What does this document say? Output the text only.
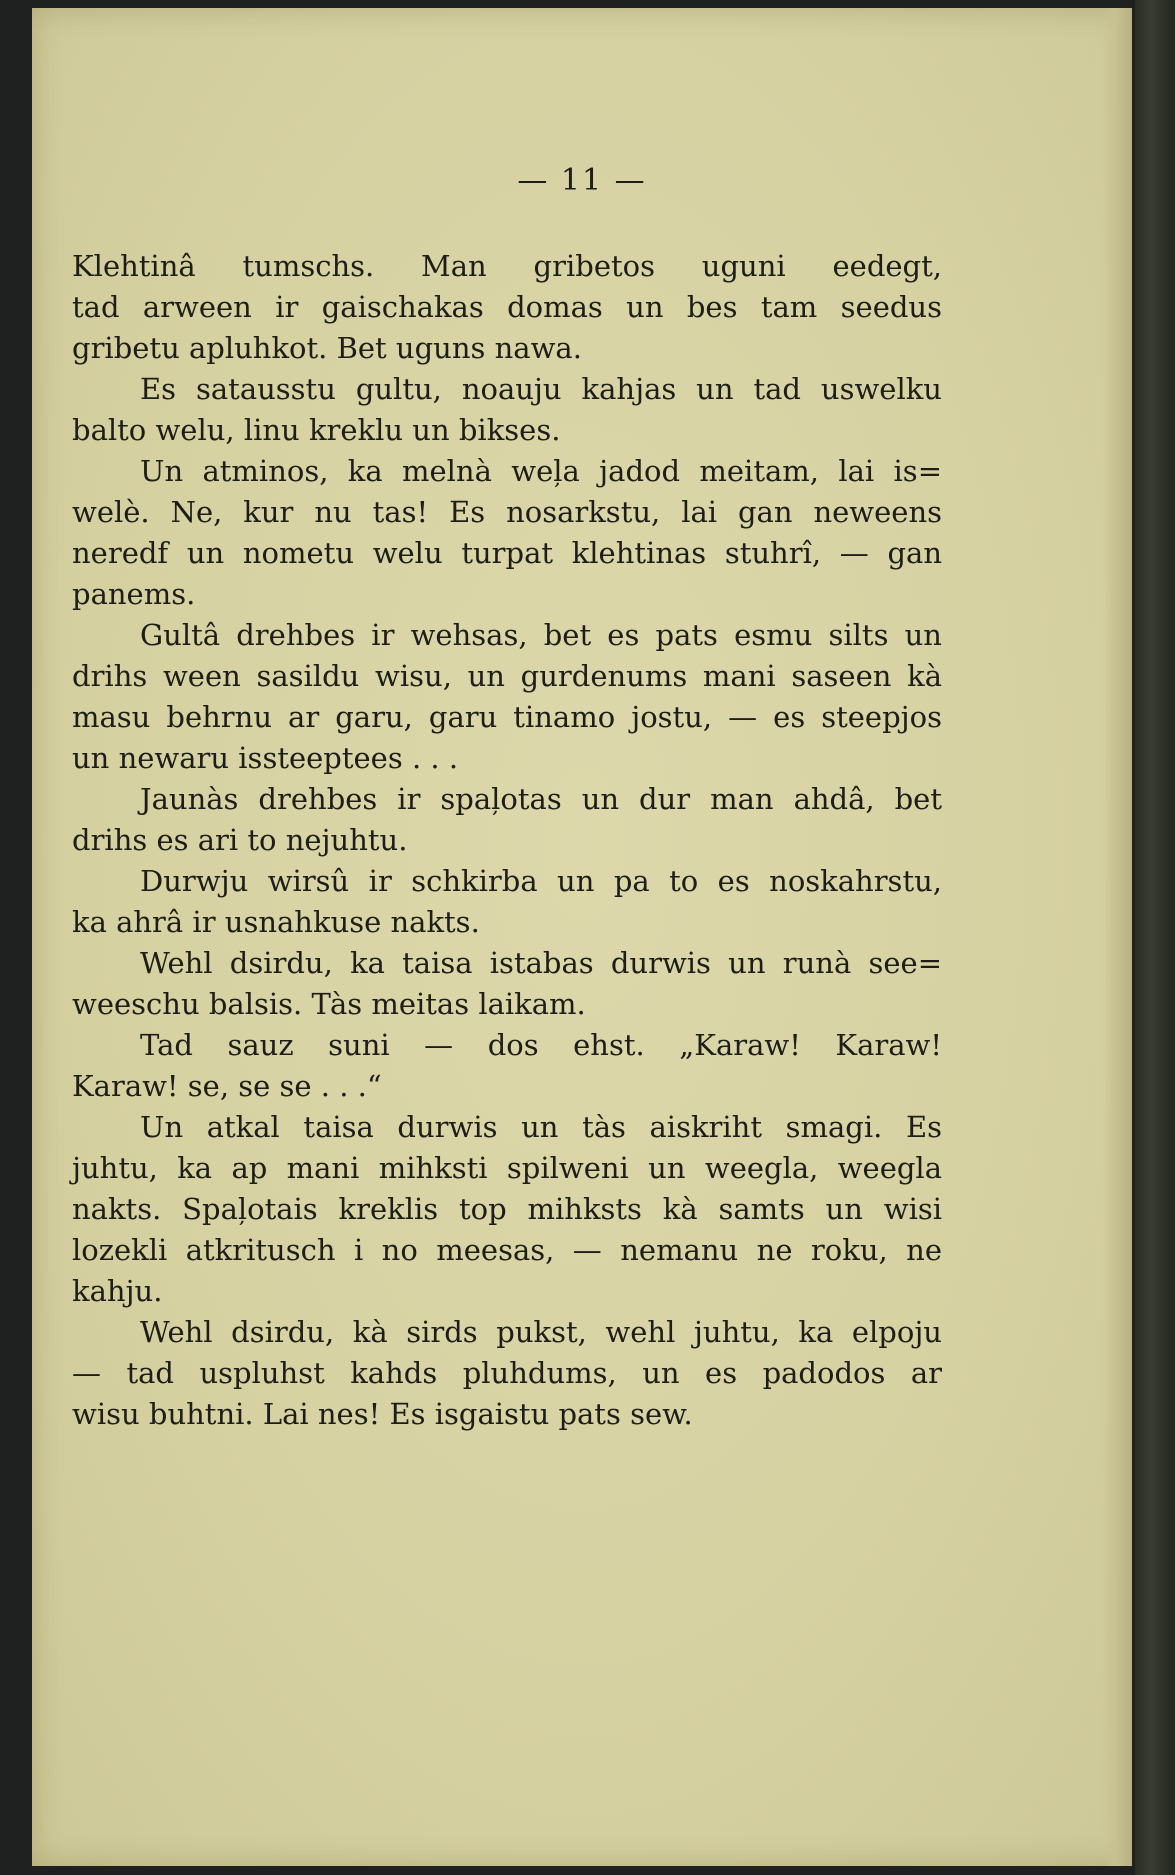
— 11 —
Klehtinâ tumschs. Man gribetos uguni eedegt,
tad arween ir gaischakas domas un bes tam seedus
gribetu apluhkot. Bet uguns nawa.
Es satausstu gultu, noauju kahjas un tad uswelku
balto welu, linu kreklu un bikses.
Un atminos, ka melnà weļa jadod meitam, lai is=
welè. Ne, kur nu tas! Es nosarkstu, lai gan neweens
neredf un nometu welu turpat klehtinas stuhrî, — gan
panems.
Gultâ drehbes ir wehsas, bet es pats esmu silts un
drihs ween sasildu wisu, un gurdenums mani saseen kà
masu behrnu ar garu, garu tinamo jostu, — es steepjos
un newaru issteeptees . . .
Jaunàs drehbes ir spaļotas un dur man ahdâ, bet
drihs es ari to nejuhtu.
Durwju wirsû ir schkirba un pa to es noskahrstu,
ka ahrâ ir usnahkuse nakts.
Wehl dsirdu, ka taisa istabas durwis un runà see=
weeschu balsis. Tàs meitas laikam.
Tad sauz suni — dos ehst. „Karaw! Karaw!
Karaw! se, se se . . .“
Un atkal taisa durwis un tàs aiskriht smagi. Es
juhtu, ka ap mani mihksti spilweni un weegla, weegla
nakts. Spaļotais kreklis top mihksts kà samts un wisi
lozekli atkritusch i no meesas, — nemanu ne roku, ne
kahju.
Wehl dsirdu, kà sirds pukst, wehl juhtu, ka elpoju
— tad uspluhst kahds pluhdums, un es padodos ar
wisu buhtni. Lai nes! Es isgaistu pats sew.
